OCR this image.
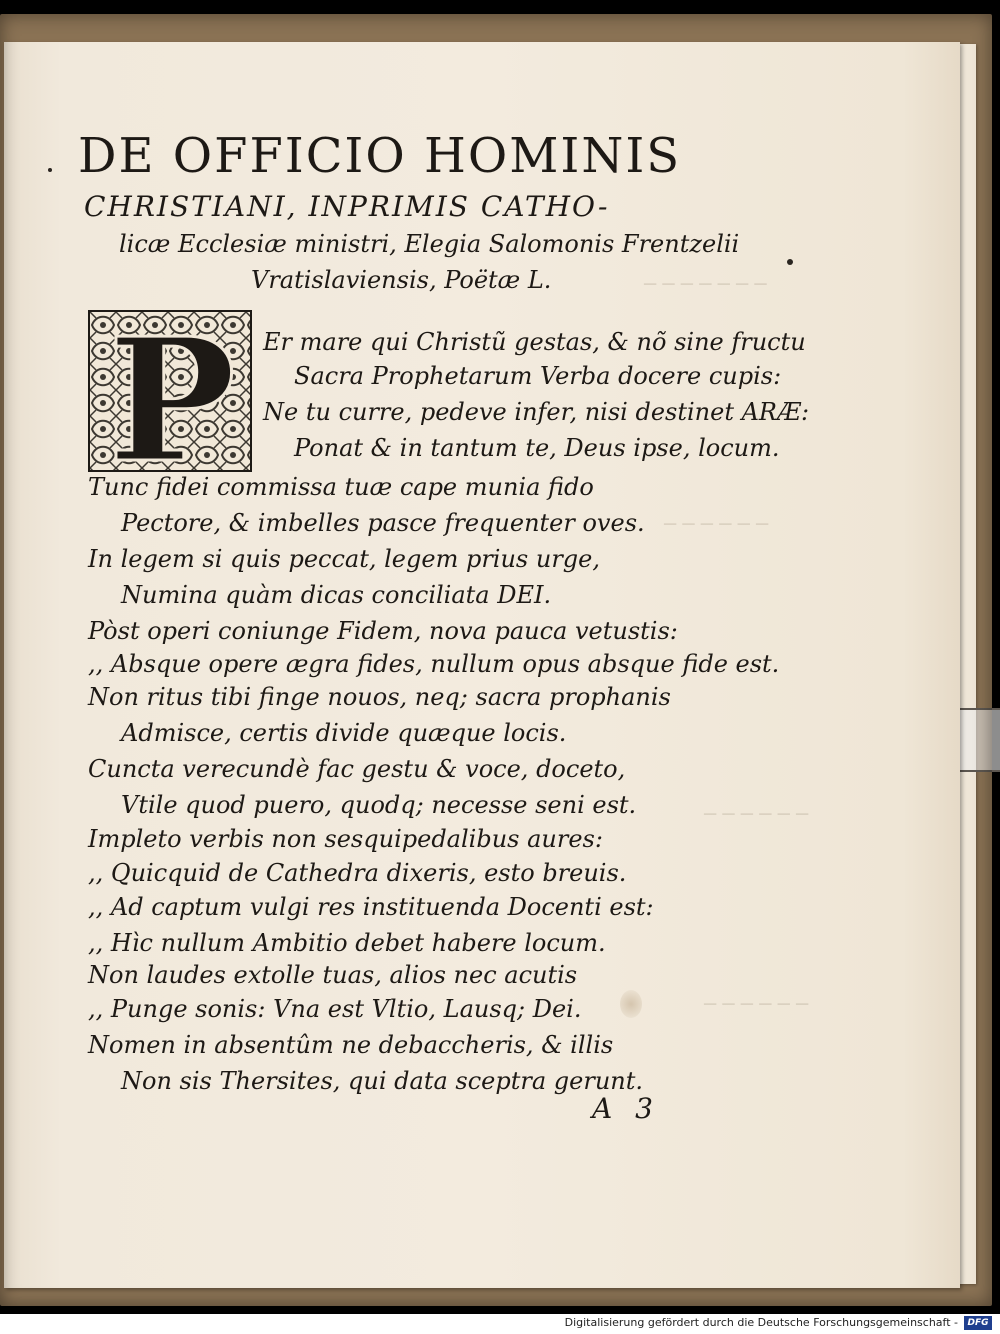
─ ─ ─ ─ ─ ─ ─
─ ─ ─ ─ ─ ─
─ ─ ─ ─ ─ ─
─ ─ ─ ─ ─ ─
DE OFFICIO HOMINIS
CHRISTIANI, INPRIMIS CATHO-
licæ Ecclesiæ ministri, Elegia Salomonis Frentzelii
Vratislaviensis, Poëtæ L.
P Er mare qui Christũ gestas, & nõ sine fructu
Sacra Prophetarum Verba docere cupis:
Ne tu curre, pedeve infer, nisi destinet ARÆ:
Ponat & in tantum te, Deus ipse, locum.
Tunc fidei commissa tuæ cape munia fido
Pectore, & imbelles pasce frequenter oves.
In legem si quis peccat, legem prius urge,
Numina quàm dicas conciliata DEI.
Pòst operi coniunge Fidem, nova pauca vetustis:
,, Absque opere ægra fides, nullum opus absque fide est.
Non ritus tibi finge nouos, neq; sacra prophanis
Admisce, certis divide quæque locis.
Cuncta verecundè fac gestu & voce, doceto,
Vtile quod puero, quodq; necesse seni est.
Impleto verbis non sesquipedalibus aures:
,, Quicquid de Cathedra dixeris, esto breuis.
,, Ad captum vulgi res instituenda Docenti est:
,, Hìc nullum Ambitio debet habere locum.
Non laudes extolle tuas, alios nec acutis
,, Punge sonis: Vna est Vltio, Lausq; Dei.
Nomen in absentûm ne debaccheris, & illis
Non sis Thersites, qui data sceptra gerunt.
A 3
Digitalisierung gefördert durch die Deutsche Forschungsgemeinschaft -	DFG
